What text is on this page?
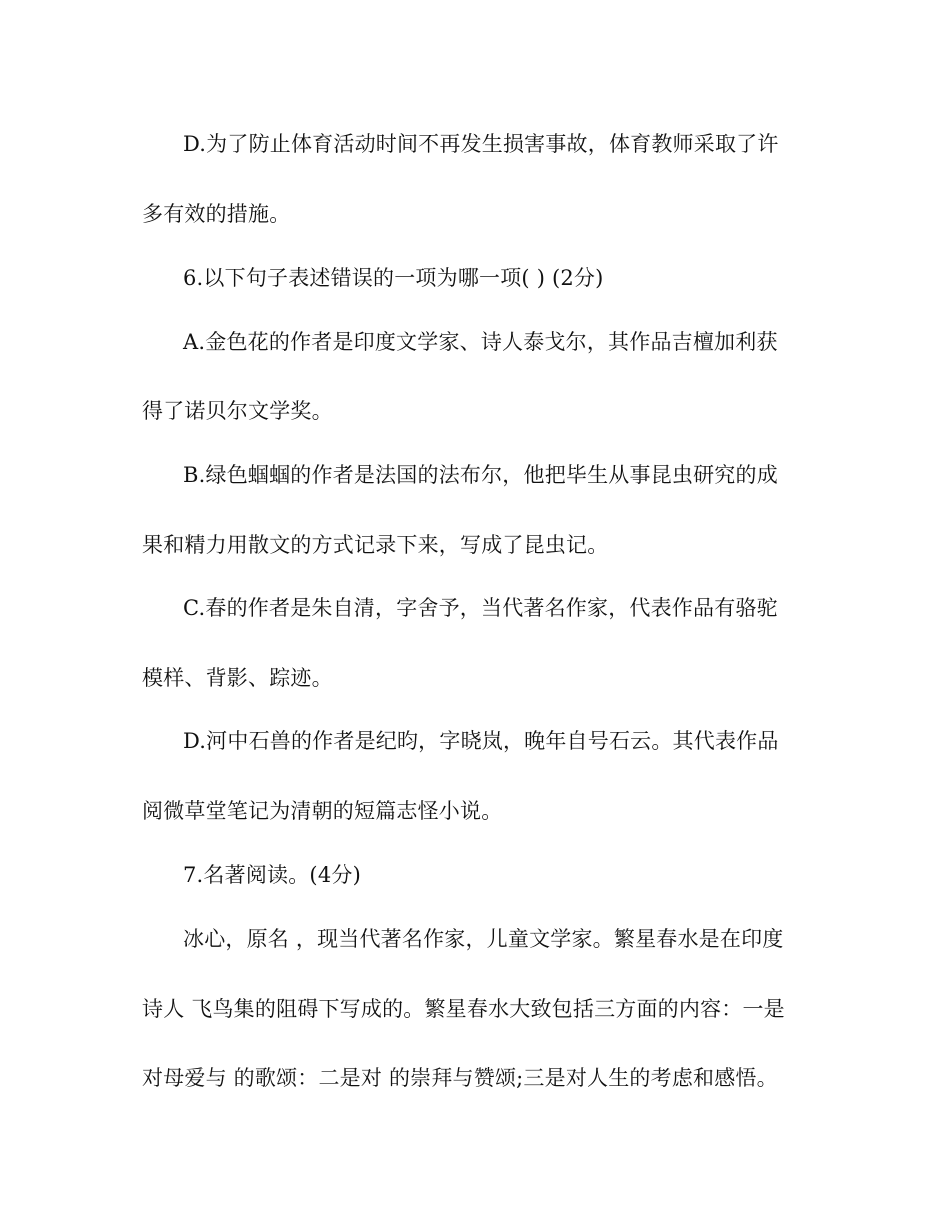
D.为了防止体育活动时间不再发生损害事故，体育教师采取了许
多有效的措施。
6.以下句子表述错误的一项为哪一项( ) (2分)
A.金色花的作者是印度文学家、诗人泰戈尔，其作品吉檀加利获
得了诺贝尔文学奖。
B.绿色蝈蝈的作者是法国的法布尔，他把毕生从事昆虫研究的成
果和精力用散文的方式记录下来，写成了昆虫记。
C.春的作者是朱自清，字舍予，当代著名作家，代表作品有骆驼
模样、背影、踪迹。
D.河中石兽的作者是纪昀，字晓岚，晚年自号石云。其代表作品
阅微草堂笔记为清朝的短篇志怪小说。
7.名著阅读。(4分)
冰心，原名 ，现当代著名作家，儿童文学家。繁星春水是在印度
诗人 飞鸟集的阻碍下写成的。繁星春水大致包括三方面的内容：一是
对母爱与 的歌颂：二是对 的崇拜与赞颂;三是对人生的考虑和感悟。
